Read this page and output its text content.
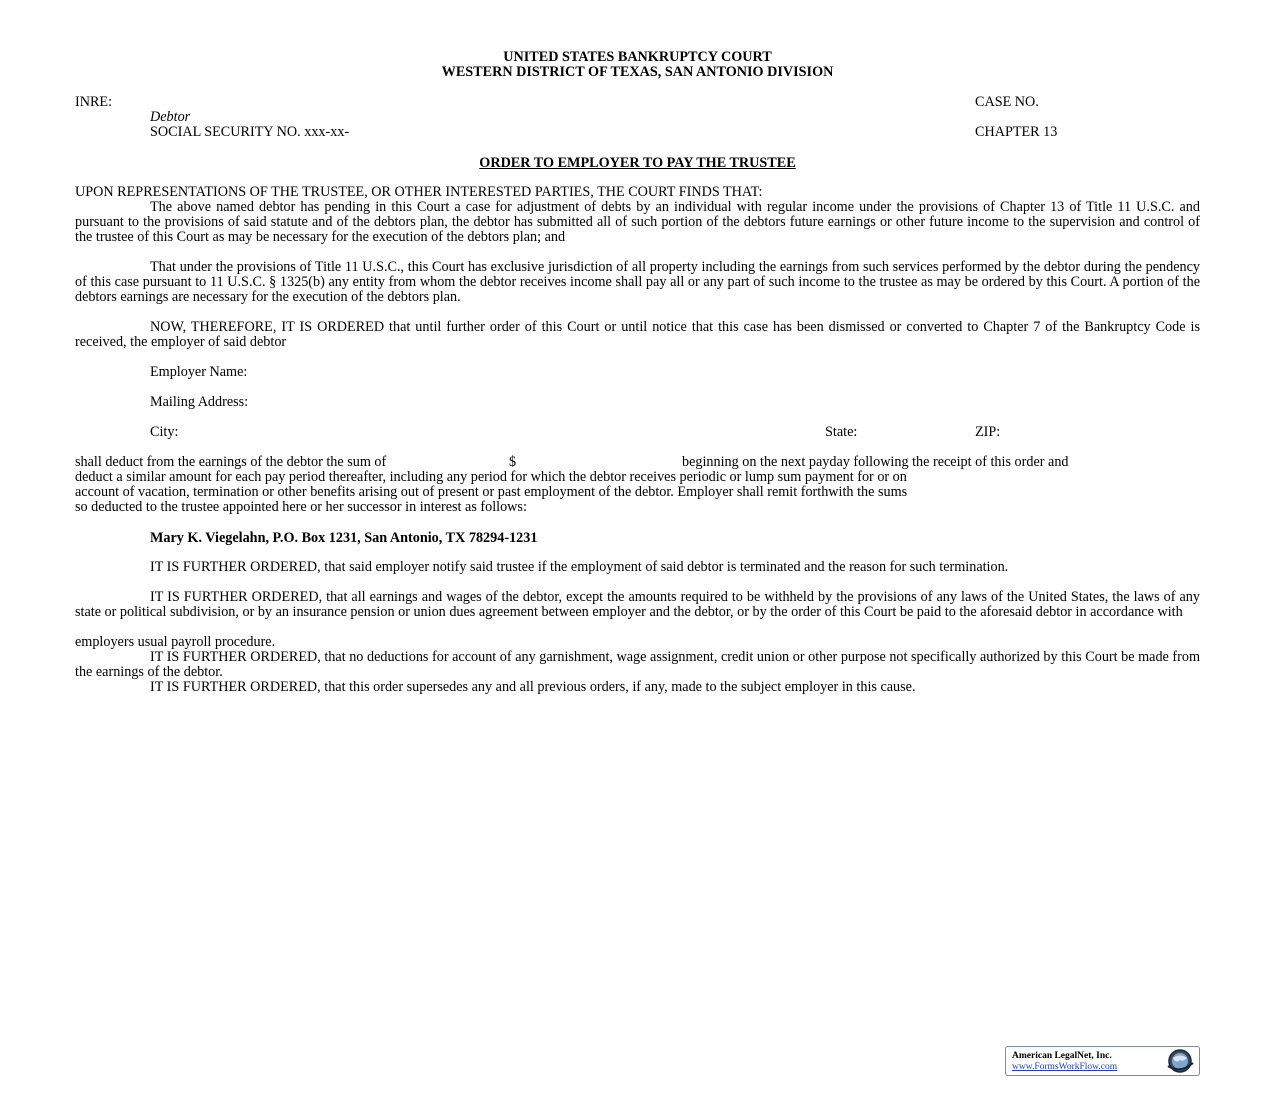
UNITED STATES BANKRUPTCY COURT
WESTERN DISTRICT OF TEXAS, SAN ANTONIO DIVISION
INRE:
Debtor
SOCIAL SECURITY NO. xxx-xx-
CASE NO.
CHAPTER 13
ORDER TO EMPLOYER TO PAY THE TRUSTEE
UPON REPRESENTATIONS OF THE TRUSTEE, OR OTHER INTERESTED PARTIES, THE COURT FINDS THAT:
The above named debtor has pending in this Court a case for adjustment of debts by an individual with regular income under the provisions of Chapter 13 of Title 11 U.S.C. and pursuant to the provisions of said statute and of the debtors plan, the debtor has submitted all of such portion of the debtors future earnings or other future income to the supervision and control of the trustee of this Court as may be necessary for the execution of the debtors plan; and
That under the provisions of Title 11 U.S.C., this Court has exclusive jurisdiction of all property including the earnings from such services performed by the debtor during the pendency of this case pursuant to 11 U.S.C. § 1325(b) any entity from whom the debtor receives income shall pay all or any part of such income to the trustee as may be ordered by this Court. A portion of the debtors earnings are necessary for the execution of the debtors plan.
NOW, THEREFORE, IT IS ORDERED that until further order of this Court or until notice that this case has been dismissed or converted to Chapter 7 of the Bankruptcy Code is received, the employer of said debtor
Employer Name:
Mailing Address:
City:	State:	ZIP:
shall deduct from the earnings of the debtor the sum of	$	beginning on the next payday following the receipt of this order and
deduct a similar amount for each pay period thereafter, including any period for which the debtor receives periodic or lump sum payment for or on
account of vacation, termination or other benefits arising out of present or past employment of the debtor. Employer shall remit forthwith the sums
so deducted to the trustee appointed here or her successor in interest as follows:
Mary K. Viegelahn, P.O. Box 1231, San Antonio, TX 78294-1231
IT IS FURTHER ORDERED, that said employer notify said trustee if the employment of said debtor is terminated and the reason for such termination.
IT IS FURTHER ORDERED, that all earnings and wages of the debtor, except the amounts required to be withheld by the provisions of any laws of the United States, the laws of any state or political subdivision, or by an insurance pension or union dues agreement between employer and the debtor, or by the order of this Court be paid to the aforesaid debtor in accordance with
employers usual payroll procedure.
IT IS FURTHER ORDERED, that no deductions for account of any garnishment, wage assignment, credit union or other purpose not specifically authorized by this Court be made from the earnings of the debtor.
IT IS FURTHER ORDERED, that this order supersedes any and all previous orders, if any, made to the subject employer in this cause.
American LegalNet, Inc.
www.FormsWorkFlow.com
